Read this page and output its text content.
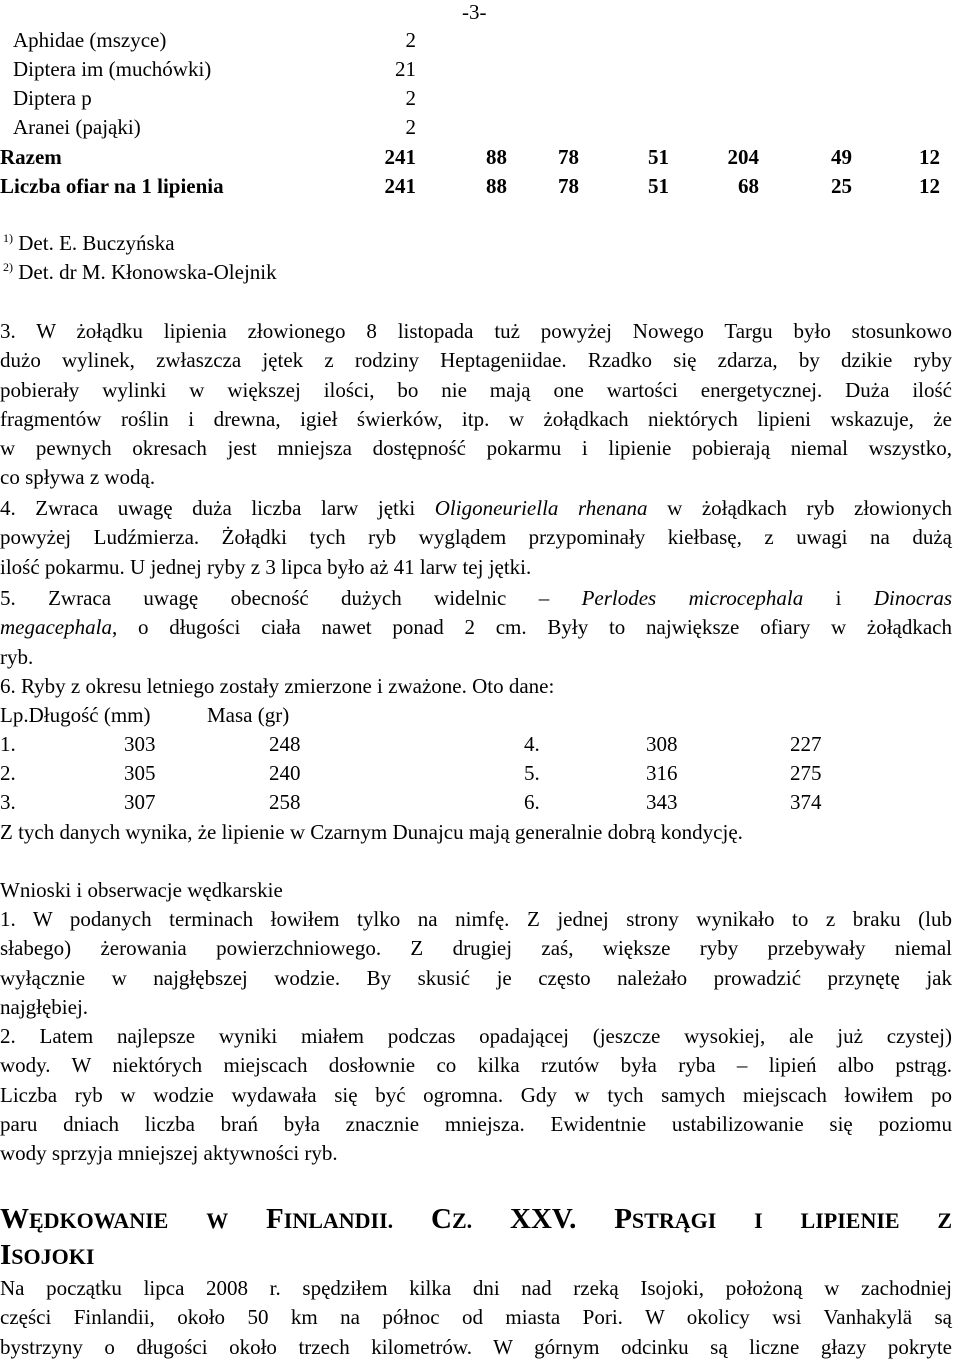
-3-
Aphidae (mszyce)	2
Diptera im (muchówki)	21
Diptera p	2
Aranei (pająki)	2
Razem	241	88	78	51	204	49	12
Liczba ofiar na 1 lipienia	241	88	78	51	68	25	12
$^{1)}$ Det. E. Buczyńska
$^{2)}$ Det. dr M. Kłonowska-Olejnik
3. W żołądku lipienia złowionego 8 listopada tuż powyżej Nowego Targu było stosunkowo
dużo wylinek, zwłaszcza jętek z rodziny Heptageniidae. Rzadko się zdarza, by dzikie ryby
pobierały wylinki w większej ilości, bo nie mają one wartości energetycznej. Duża ilość
fragmentów roślin i drewna, igieł świerków, itp. w żołądkach niektórych lipieni wskazuje, że
w pewnych okresach jest mniejsza dostępność pokarmu i lipienie pobierają niemal wszystko,
co spływa z wodą.
4. Zwraca uwagę duża liczba larw jętki Oligoneuriella rhenana w żołądkach ryb złowionych
powyżej Ludźmierza. Żołądki tych ryb wyglądem przypominały kiełbasę, z uwagi na dużą
ilość pokarmu. U jednej ryby z 3 lipca było aż 41 larw tej jętki.
5. Zwraca uwagę obecność dużych widelnic – Perlodes microcephala i Dinocras
megacephala, o długości ciała nawet ponad 2 cm. Były to największe ofiary w żołądkach
ryb.
6. Ryby z okresu letniego zostały zmierzone i zważone. Oto dane:
Lp.Długość (mm)	Masa (gr)
1.	303	248	4.	308	227
2.	305	240	5.	316	275
3.	307	258	6.	343	374
Z tych danych wynika, że lipienie w Czarnym Dunajcu mają generalnie dobrą kondycję.
Wnioski i obserwacje wędkarskie
1. W podanych terminach łowiłem tylko na nimfę. Z jednej strony wynikało to z braku (lub
słabego) żerowania powierzchniowego. Z drugiej zaś, większe ryby przebywały niemal
wyłącznie w najgłębszej wodzie. By skusić je często należało prowadzić przynętę jak
najgłębiej.
2. Latem najlepsze wyniki miałem podczas opadającej (jeszcze wysokiej, ale już czystej)
wody. W niektórych miejscach dosłownie co kilka rzutów była ryba – lipień albo pstrąg.
Liczba ryb w wodzie wydawała się być ogromna. Gdy w tych samych miejscach łowiłem po
paru dniach liczba brań była znacznie mniejsza. Ewidentnie ustabilizowanie się poziomu
wody sprzyja mniejszej aktywności ryb.
WĘDKOWANIE W FINLANDII. CZ. XXV. PSTRĄGI I LIPIENIE Z
ISOJOKI
Na początku lipca 2008 r. spędziłem kilka dni nad rzeką Isojoki, położoną w zachodniej
części Finlandii, około 50 km na północ od miasta Pori. W okolicy wsi Vanhakylä są
bystrzyny o długości około trzech kilometrów. W górnym odcinku są liczne głazy pokryte
